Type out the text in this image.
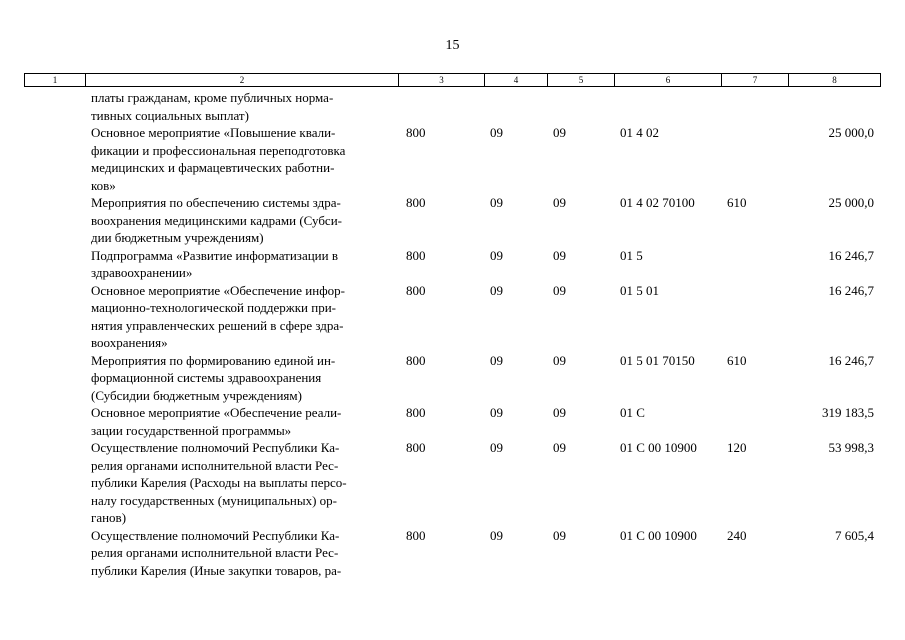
15
1	2	3	4	5	6	7	8

	платы гражданам, кроме публичных норма-
тивных социальных выплат)						

	Основное мероприятие «Повышение квали-
фикации и профессиональная переподготовка
медицинских и фармацевтических работни-
ков»	800	09	09	01 4 02		25 000,0

	Мероприятия по обеспечению системы здра-
воохранения медицинскими кадрами (Субси-
дии бюджетным учреждениям)	800	09	09	01 4 02 70100	610	25 000,0

	Подпрограмма «Развитие информатизации в
здравоохранении»	800	09	09	01 5		16 246,7

	Основное мероприятие «Обеспечение инфор-
мационно-технологической поддержки при-
нятия управленческих решений в сфере здра-
воохранения»	800	09	09	01 5 01		16 246,7

	Мероприятия по формированию единой ин-
формационной системы здравоохранения
(Субсидии бюджетным учреждениям)	800	09	09	01 5 01 70150	610	16 246,7

	Основное мероприятие «Обеспечение реали-
зации государственной программы»	800	09	09	01 С		319 183,5

	Осуществление полномочий Республики Ка-
релия органами исполнительной власти Рес-
публики Карелия (Расходы на выплаты персо-
налу государственных (муниципальных) ор-
ганов)	800	09	09	01 С 00 10900	120	53 998,3

	Осуществление полномочий Республики Ка-
релия органами исполнительной власти Рес-
публики Карелия (Иные закупки товаров, ра-	800	09	09	01 С 00 10900	240	7 605,4
